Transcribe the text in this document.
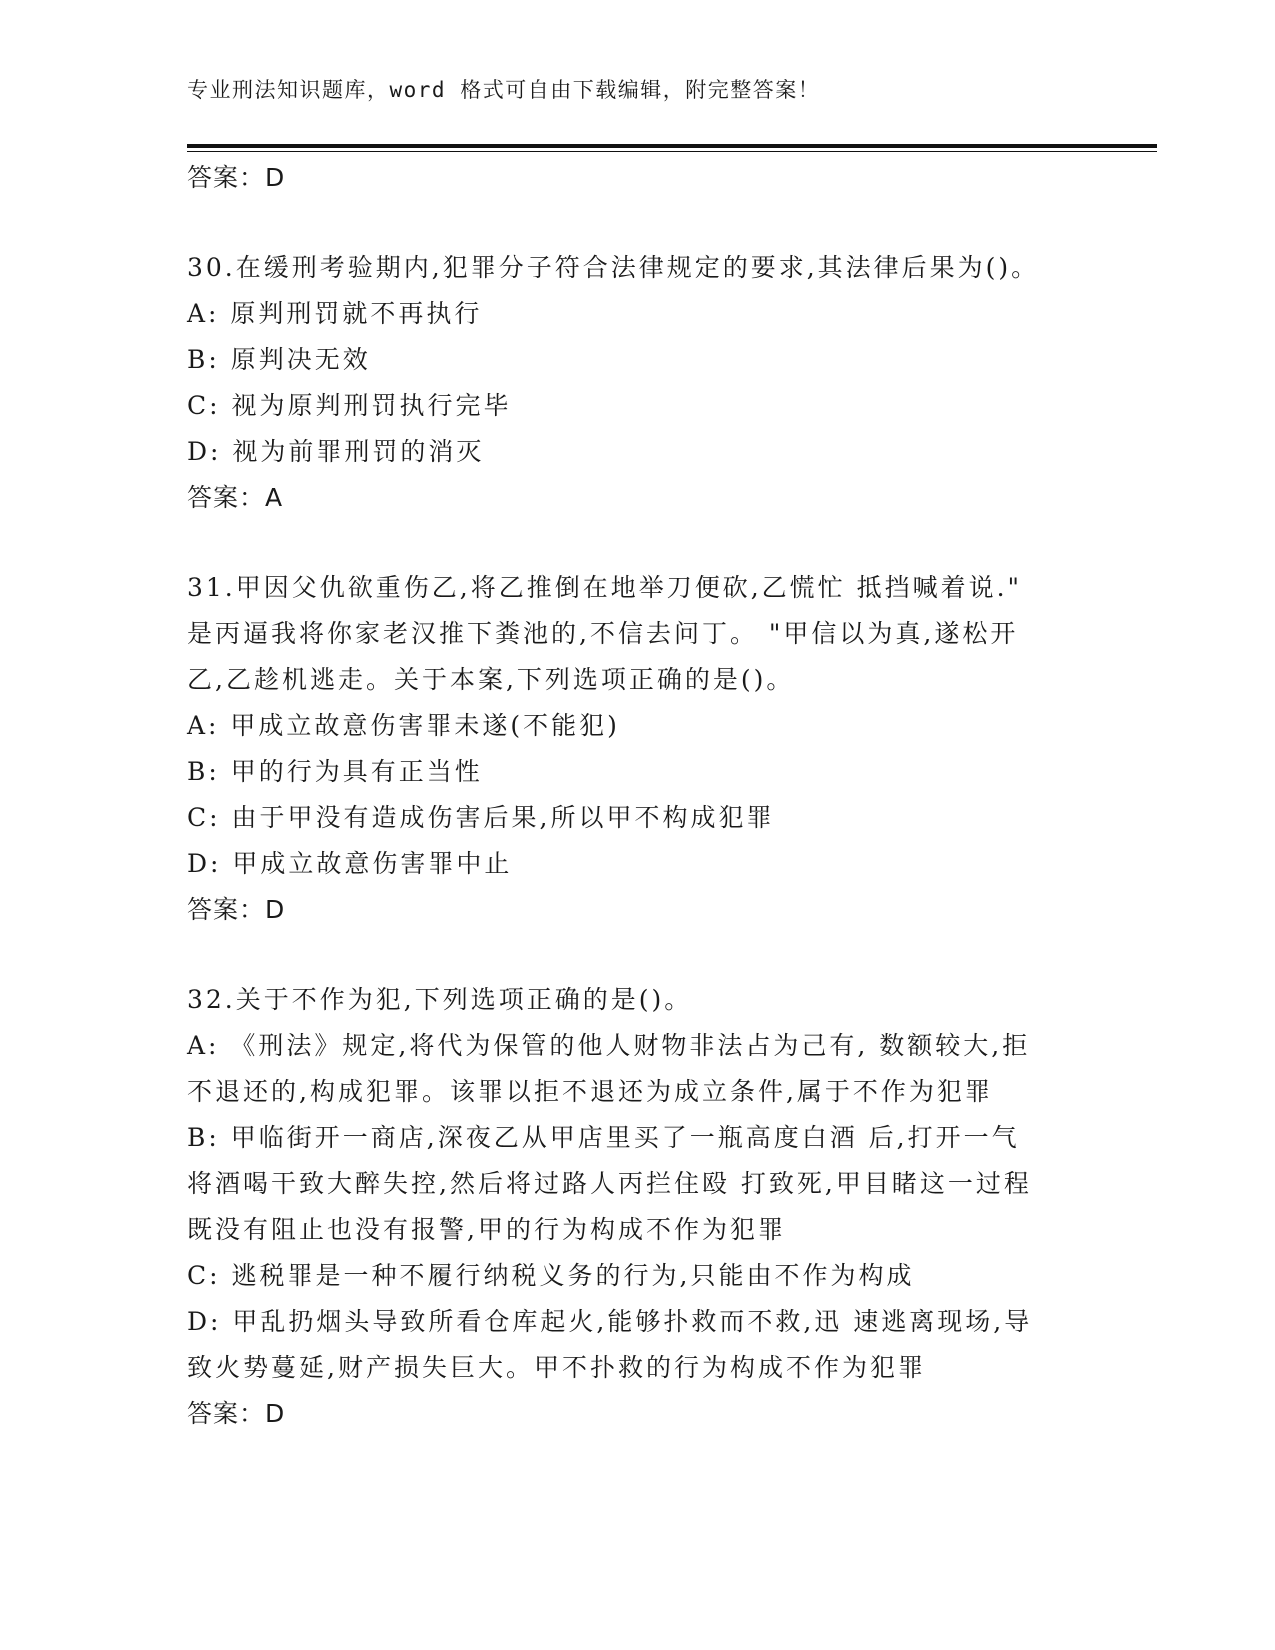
专业刑法知识题库，word 格式可自由下载编辑，附完整答案！
答案：D
30.在缓刑考验期内,犯罪分子符合法律规定的要求,其法律后果为()。
A: 原判刑罚就不再执行
B: 原判决无效
C: 视为原判刑罚执行完毕
D: 视为前罪刑罚的消灭
答案：A
31.甲因父仇欲重伤乙,将乙推倒在地举刀便砍,乙慌忙 抵挡喊着说."
是丙逼我将你家老汉推下粪池的,不信去问丁。 "甲信以为真,遂松开
乙,乙趁机逃走。关于本案,下列选项正确的是()。
A: 甲成立故意伤害罪未遂(不能犯)
B: 甲的行为具有正当性
C: 由于甲没有造成伤害后果,所以甲不构成犯罪
D: 甲成立故意伤害罪中止
答案：D
32.关于不作为犯,下列选项正确的是()。
A: 《刑法》规定,将代为保管的他人财物非法占为己有, 数额较大,拒
不退还的,构成犯罪。该罪以拒不退还为成立条件,属于不作为犯罪
B: 甲临街开一商店,深夜乙从甲店里买了一瓶高度白酒 后,打开一气
将酒喝干致大醉失控,然后将过路人丙拦住殴 打致死,甲目睹这一过程
既没有阻止也没有报警,甲的行为构成不作为犯罪
C: 逃税罪是一种不履行纳税义务的行为,只能由不作为构成
D: 甲乱扔烟头导致所看仓库起火,能够扑救而不救,迅 速逃离现场,导
致火势蔓延,财产损失巨大。甲不扑救的行为构成不作为犯罪
答案：D
